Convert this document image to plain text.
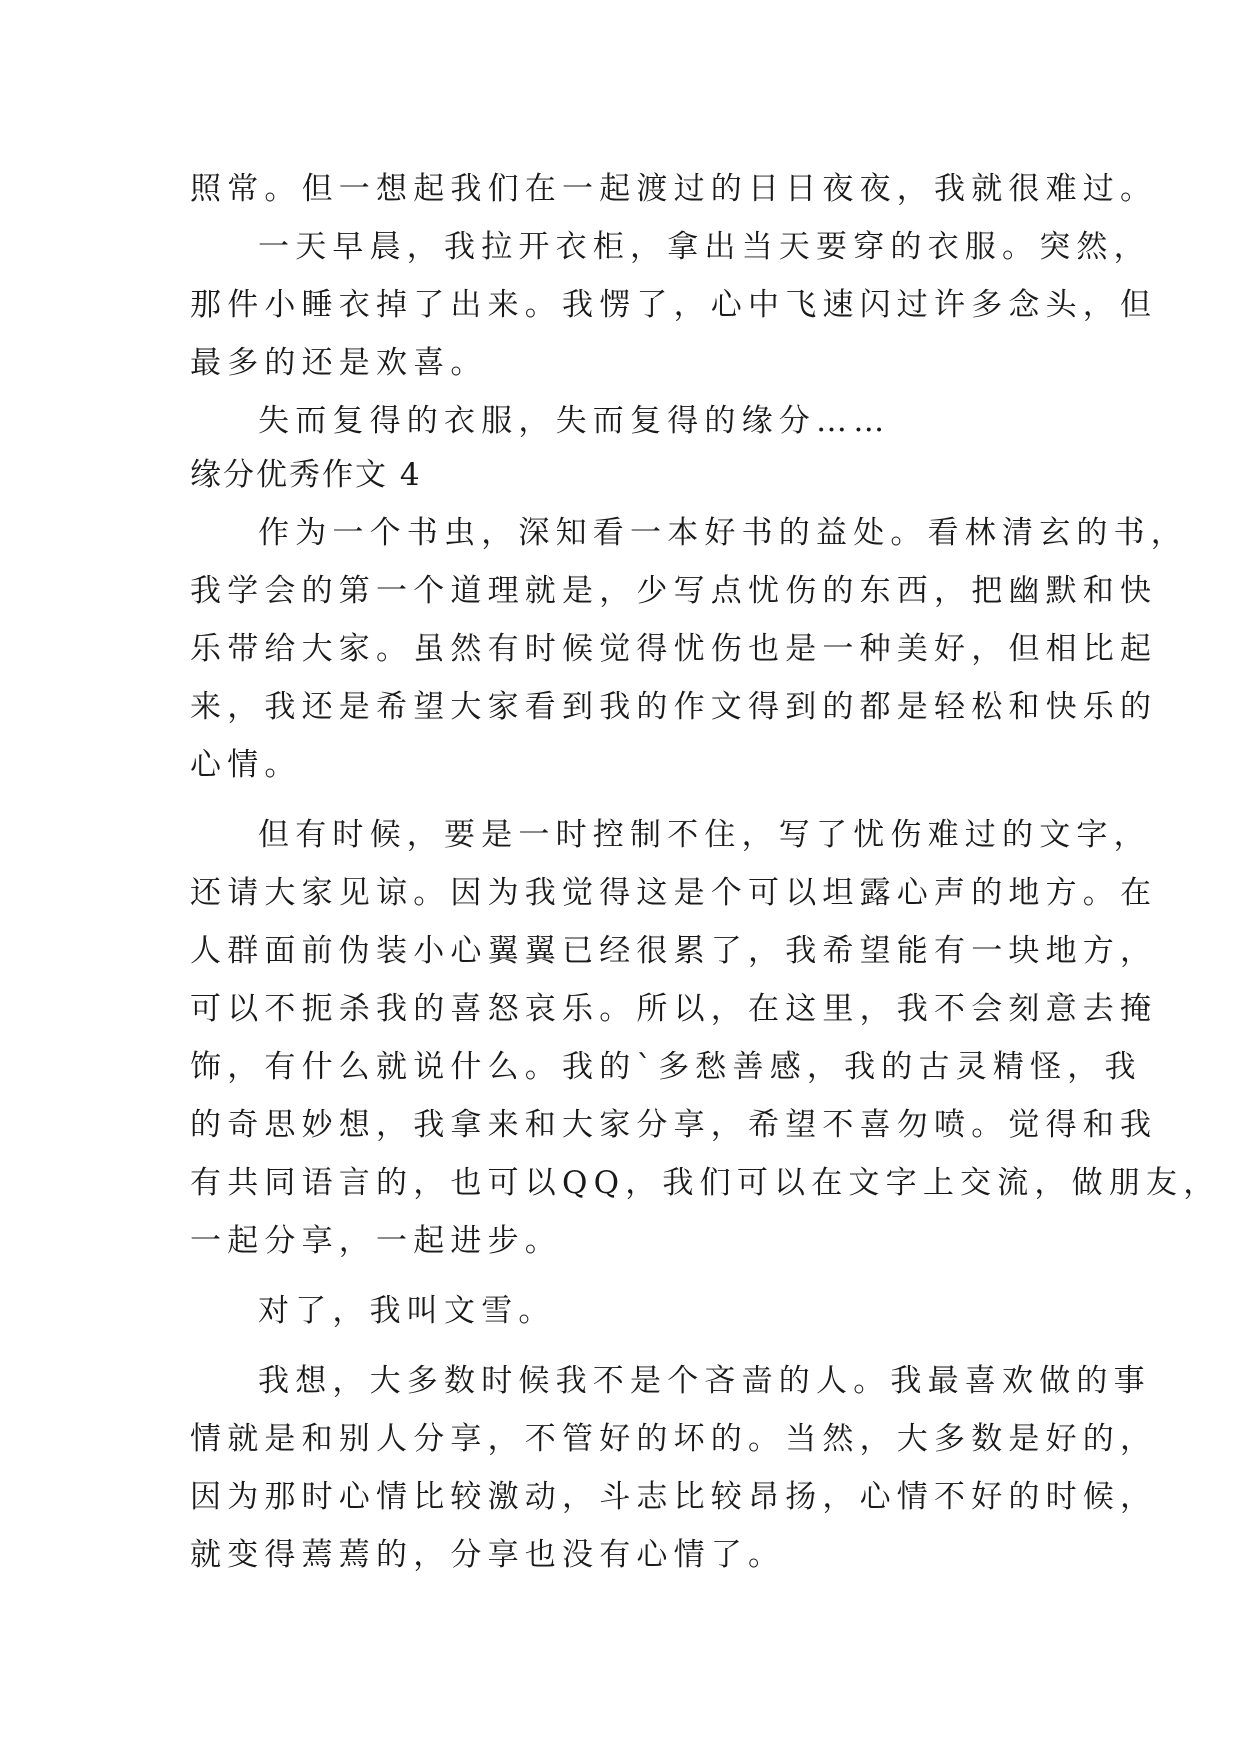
照常。但一想起我们在一起渡过的日日夜夜，我就很难过。
一天早晨，我拉开衣柜，拿出当天要穿的衣服。突然，
那件小睡衣掉了出来。我愣了，心中飞速闪过许多念头，但
最多的还是欢喜。
失而复得的衣服，失而复得的缘分……
缘分优秀作文 4
作为一个书虫，深知看一本好书的益处。看林清玄的书，
我学会的第一个道理就是，少写点忧伤的东西，把幽默和快
乐带给大家。虽然有时候觉得忧伤也是一种美好，但相比起
来，我还是希望大家看到我的作文得到的都是轻松和快乐的
心情。
但有时候，要是一时控制不住，写了忧伤难过的文字，
还请大家见谅。因为我觉得这是个可以坦露心声的地方。在
人群面前伪装小心翼翼已经很累了，我希望能有一块地方，
可以不扼杀我的喜怒哀乐。所以，在这里，我不会刻意去掩
饰，有什么就说什么。我的`多愁善感，我的古灵精怪，我
的奇思妙想，我拿来和大家分享，希望不喜勿喷。觉得和我
有共同语言的，也可以QQ，我们可以在文字上交流，做朋友，
一起分享，一起进步。
对了，我叫文雪。
我想，大多数时候我不是个吝啬的人。我最喜欢做的事
情就是和别人分享，不管好的坏的。当然，大多数是好的，
因为那时心情比较激动，斗志比较昂扬，心情不好的时候，
就变得蔫蔫的，分享也没有心情了。
